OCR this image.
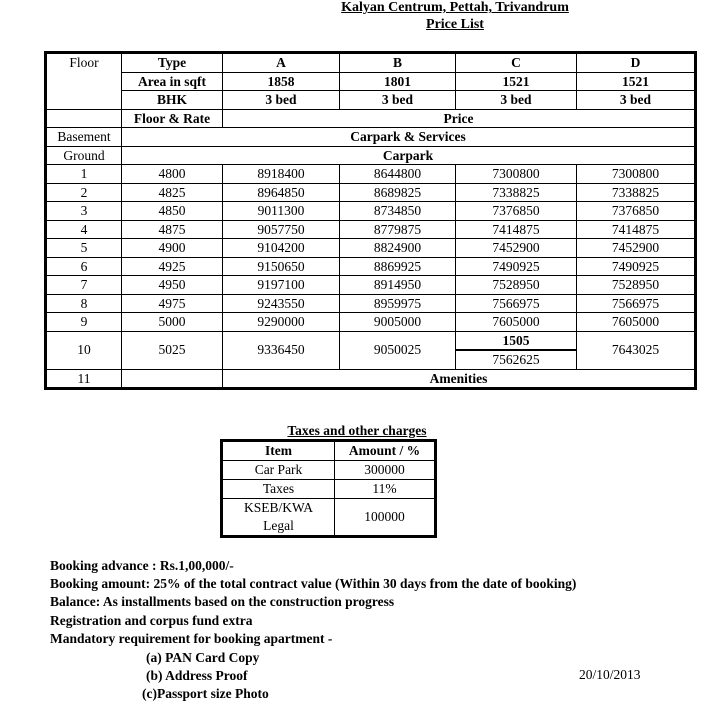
Kalyan Centrum, Pettah, Trivandrum
Price List
Floor	Type	A	B	C	D
	Area in sqft	1858	1801	1521	1521
	BHK	3 bed	3 bed	3 bed	3 bed
	Floor & Rate	Price			
Basement	Carpark & Services				
Ground	Carpark				
1	4800	8918400	8644800	7300800	7300800
2	4825	8964850	8689825	7338825	7338825
3	4850	9011300	8734850	7376850	7376850
4	4875	9057750	8779875	7414875	7414875
5	4900	9104200	8824900	7452900	7452900
6	4925	9150650	8869925	7490925	7490925
7	4950	9197100	8914950	7528950	7528950
8	4975	9243550	8959975	7566975	7566975
9	5000	9290000	9005000	7605000	7605000
10	5025	9336450	9050025	1505	7643025
				7562625	
11		Amenities			
Taxes and other charges
Item	Amount / %
Car Park	300000
Taxes	11%

KSEB/KWA
Legal	100000
Booking advance : Rs.1,00,000/-
Booking amount: 25% of the total contract value (Within 30 days from the date of booking)
Balance: As installments based on the construction progress
Registration and corpus fund extra
Mandatory requirement for booking apartment -
(a) PAN Card Copy
(b) Address Proof
(c)Passport size Photo
20/10/2013
